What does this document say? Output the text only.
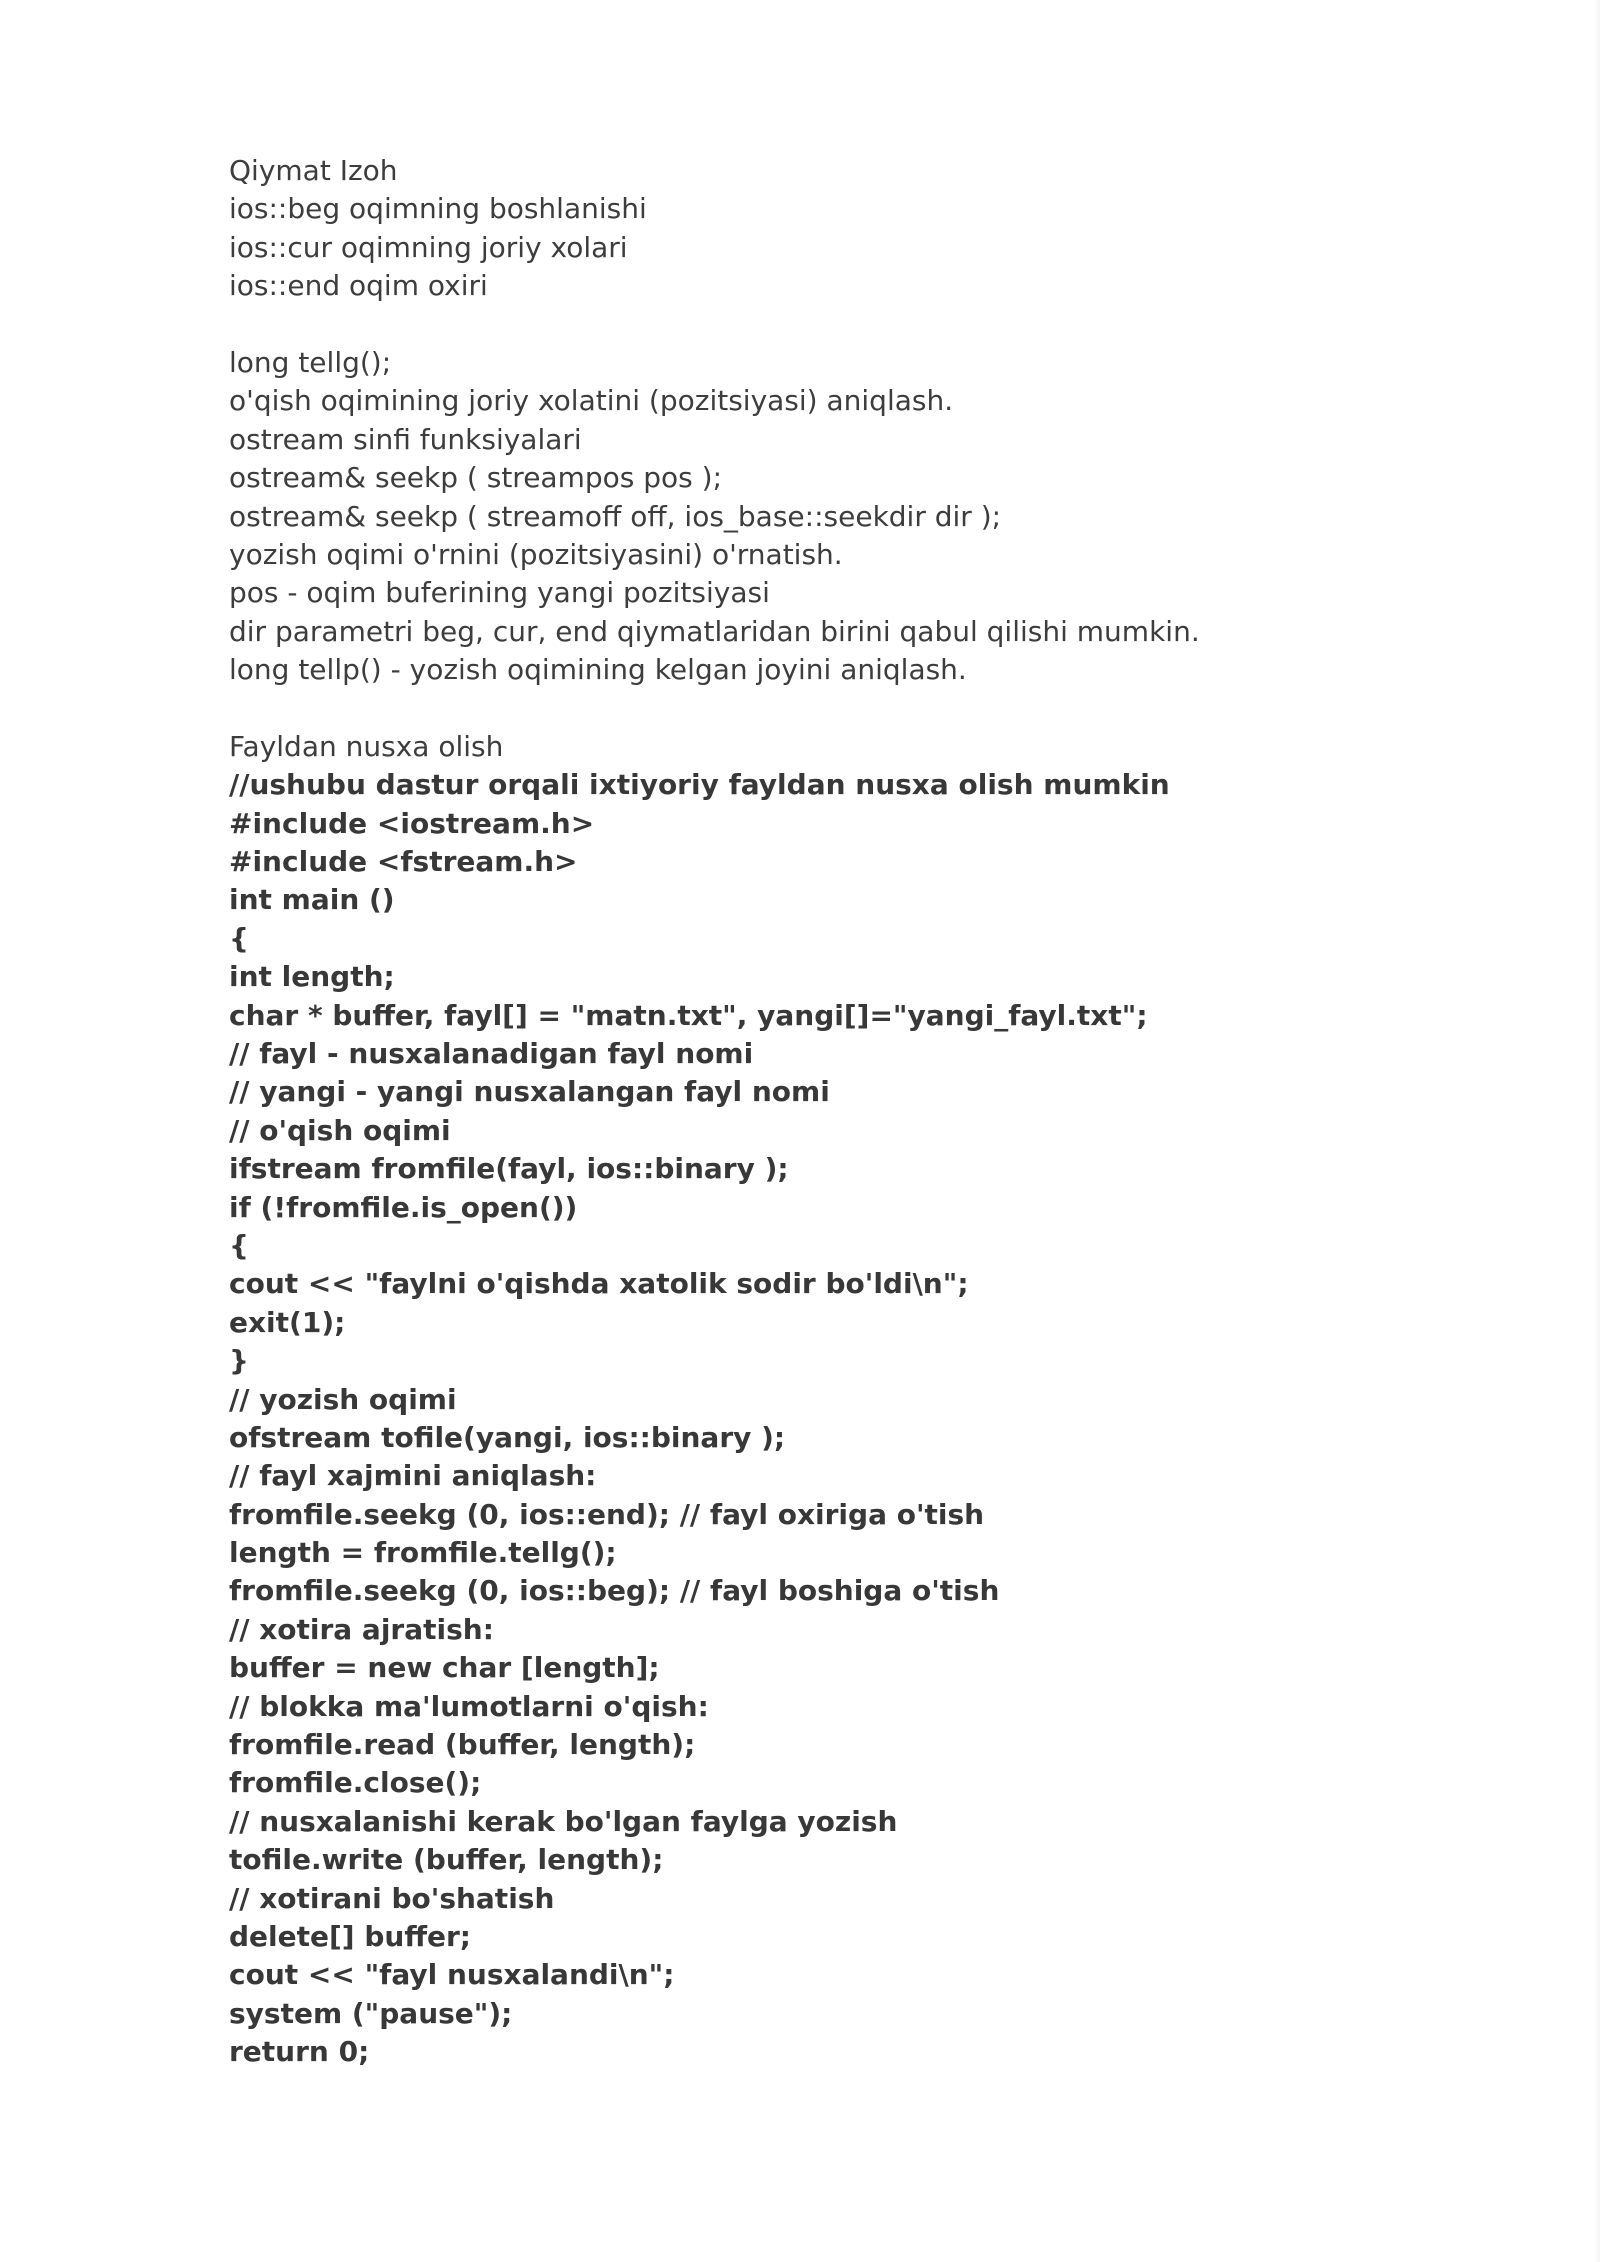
Qiymat Izoh
ios::beg oqimning boshlanishi
ios::cur oqimning joriy xolari
ios::end oqim oxiri
long tellg();
o'qish oqimining joriy xolatini (pozitsiyasi) aniqlash.
ostream sinfi funksiyalari
ostream& seekp ( streampos pos );
ostream& seekp ( streamoff off, ios_base::seekdir dir );
yozish oqimi o'rnini (pozitsiyasini) o'rnatish.
pos - oqim buferining yangi pozitsiyasi
dir parametri beg, cur, end qiymatlaridan birini qabul qilishi mumkin.
long tellp() - yozish oqimining kelgan joyini aniqlash.
Fayldan nusxa olish
//ushubu dastur orqali ixtiyoriy fayldan nusxa olish mumkin
#include <iostream.h>
#include <fstream.h>
int main ()
{
int length;
char * buffer, fayl[] = "matn.txt", yangi[]="yangi_fayl.txt";
// fayl - nusxalanadigan fayl nomi
// yangi - yangi nusxalangan fayl nomi
// o'qish oqimi
ifstream fromfile(fayl, ios::binary );
if (!fromfile.is_open())
{
cout << "faylni o'qishda xatolik sodir bo'ldi\n";
exit(1);
}
// yozish oqimi
ofstream tofile(yangi, ios::binary );
// fayl xajmini aniqlash:
fromfile.seekg (0, ios::end); // fayl oxiriga o'tish
length = fromfile.tellg();
fromfile.seekg (0, ios::beg); // fayl boshiga o'tish
// xotira ajratish:
buffer = new char [length];
// blokka ma'lumotlarni o'qish:
fromfile.read (buffer, length);
fromfile.close();
// nusxalanishi kerak bo'lgan faylga yozish
tofile.write (buffer, length);
// xotirani bo'shatish
delete[] buffer;
cout << "fayl nusxalandi\n";
system ("pause");
return 0;
